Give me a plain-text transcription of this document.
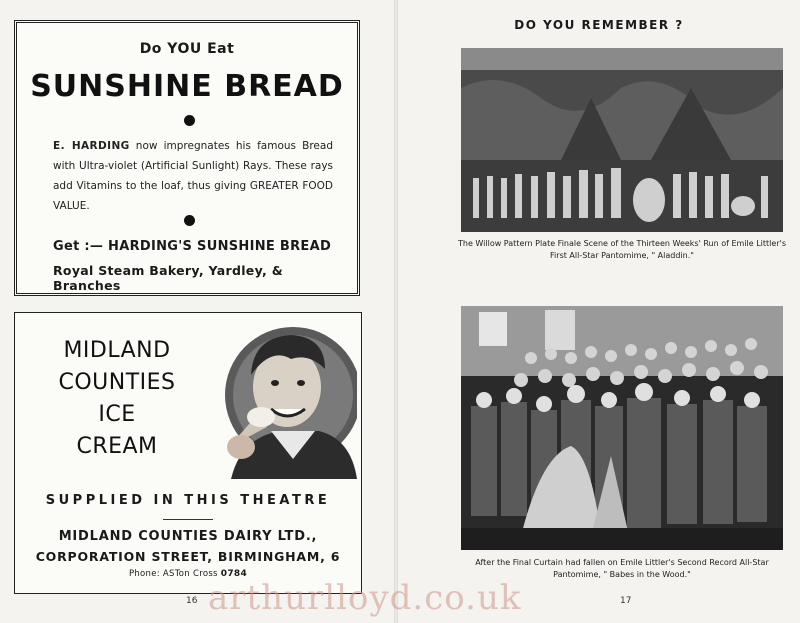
Do YOU Eat
SUNSHINE BREAD
E. HARDING now impregnates his famous Bread with Ultra-violet (Artificial Sunlight) Rays. These rays add Vitamins to the loaf, thus giving GREATER FOOD VALUE.
Get :— HARDING'S SUNSHINE BREAD
Royal Steam Bakery, Yardley, & Branches
MIDLAND
COUNTIES
ICE
CREAM
SUPPLIED IN THIS THEATRE
MIDLAND COUNTIES DAIRY LTD.,
CORPORATION STREET, BIRMINGHAM, 6
Phone: ASTon Cross 0784
16
DO YOU REMEMBER ?
The Willow Pattern Plate Finale Scene of the Thirteen Weeks' Run of Emile Littler's First All-Star Pantomime, " Aladdin."
After the Final Curtain had fallen on Emile Littler's Second Record All-Star Pantomime, " Babes in the Wood."
17
arthurlloyd.co.uk
